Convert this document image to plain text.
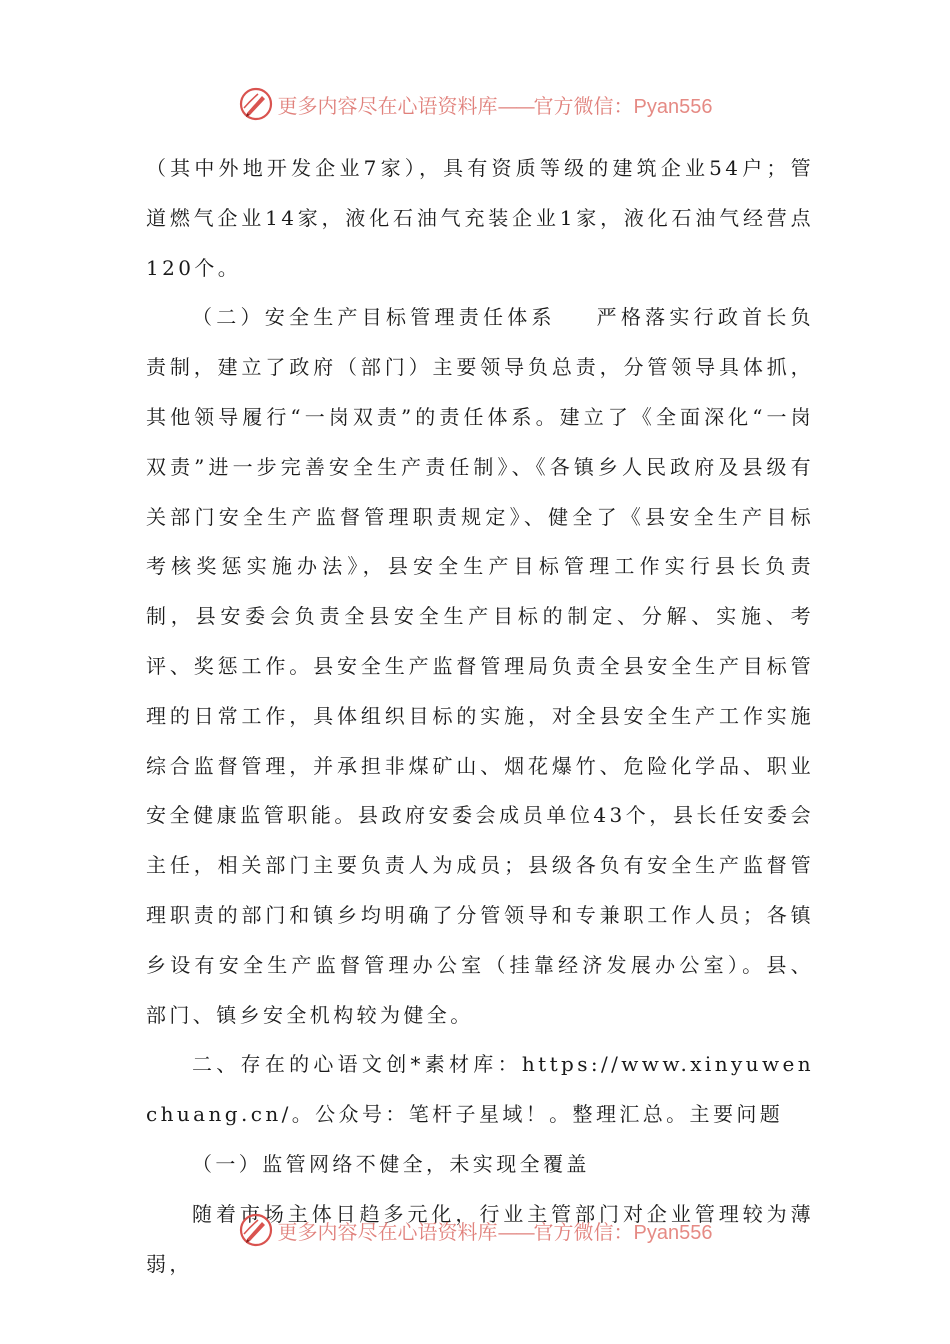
更多内容尽在心语资料库——官方微信：Pyan556

（其中外地开发企业7家），具有资质等级的建筑企业54户；管道燃气企业14家，液化石油气充装企业1家，液化石油气经营点120个。

（二）安全生产目标管理责任体系 严格落实行政首长负责制，建立了政府（部门）主要领导负总责，分管领导具体抓，其他领导履行“一岗双责”的责任体系。建立了《全面深化“一岗双责”进一步完善安全生产责任制》、《各镇乡人民政府及县级有关部门安全生产监督管理职责规定》、健全了《县安全生产目标考核奖惩实施办法》，县安全生产目标管理工作实行县长负责制，县安委会负责全县安全生产目标的制定、分解、实施、考评、奖惩工作。县安全生产监督管理局负责全县安全生产目标管理的日常工作，具体组织目标的实施，对全县安全生产工作实施综合监督管理，并承担非煤矿山、烟花爆竹、危险化学品、职业安全健康监管职能。县政府安委会成员单位43个，县长任安委会主任，相关部门主要负责人为成员；县级各负有安全生产监督管理职责的部门和镇乡均明确了分管领导和专兼职工作人员；各镇乡设有安全生产监督管理办公室（挂靠经济发展办公室）。县、部门、镇乡安全机构较为健全。

二、存在的心语文创*素材库：https://www.xinyuwenchuang.cn/。公众号：笔杆子星域！。整理汇总。主要问题

（一）监管网络不健全，未实现全覆盖

随着市场主体日趋多元化，行业主管部门对企业管理较为薄弱，

更多内容尽在心语资料库——官方微信：Pyan556
